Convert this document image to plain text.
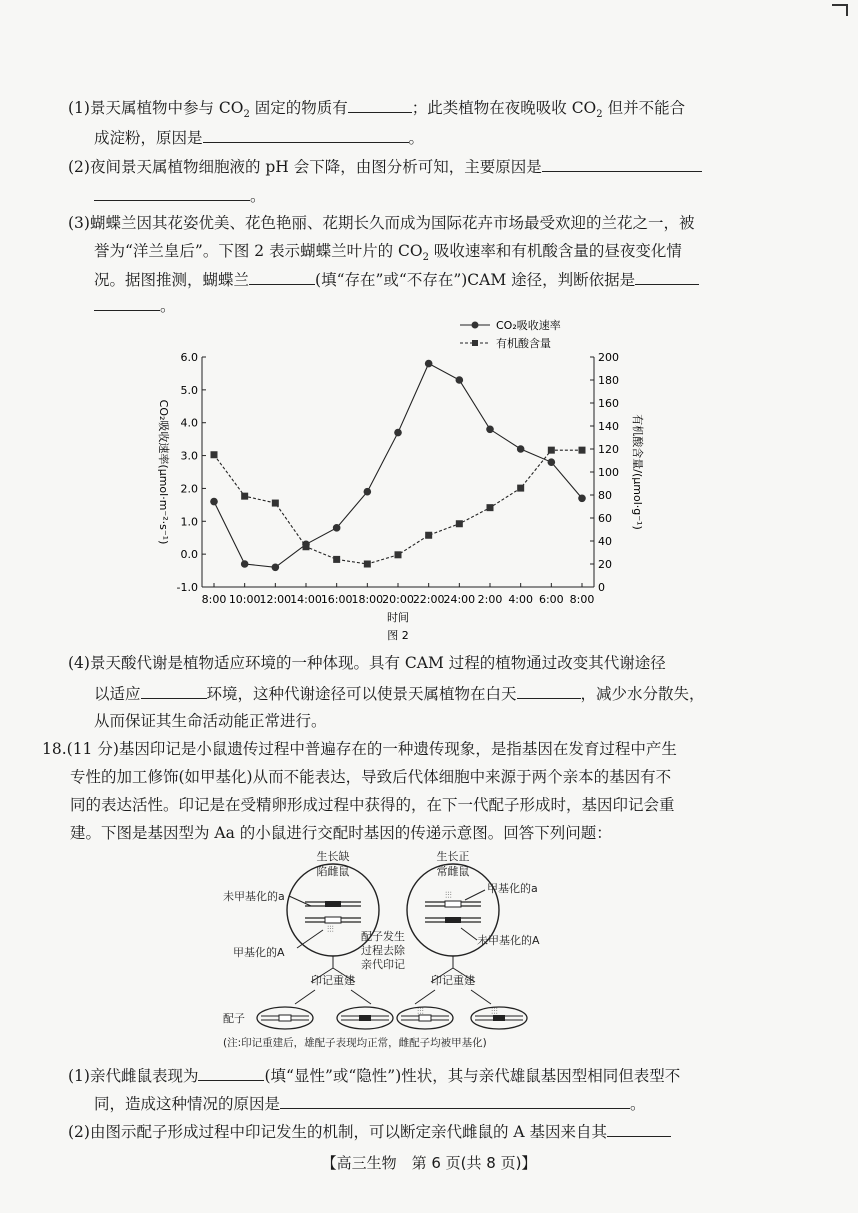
(1)景天属植物中参与 $CO_2$ 固定的物质有	；此类植物在夜晚吸收 $CO_2$ 但并不能合
成淀粉，原因是	。
(2)夜间景天属植物细胞液的 pH 会下降，由图分析可知，主要原因是
。
(3)蝴蝶兰因其花姿优美、花色艳丽、花期长久而成为国际花卉市场最受欢迎的兰花之一，被
誉为“洋兰皇后”。下图 2 表示蝴蝶兰叶片的 $CO_2$ 吸收速率和有机酸含量的昼夜变化情
况。据图推测，蝴蝶兰	(填“存在”或“不存在”)CAM 途径，判断依据是
。
-1.0
0.0
1.0
2.0
3.0
4.0
5.0
6.0
0
20
40
60
80
100
120
140
160
180
200
8:00 10:00
12:00
14:00
16:00
18:00
20:00
22:00
24:00 2:00 4:00 6:00 8:00
时间
图 2
CO₂吸收速率(μmol·m⁻²·s⁻¹)	有机酸含量/(μmol·g⁻¹)
CO₂吸收速率
有机酸含量
(4)景天酸代谢是植物适应环境的一种体现。具有 CAM 过程的植物通过改变其代谢途径
以适应	环境，这种代谢途径可以使景天属植物在白天	，减少水分散失，
从而保证其生命活动能正常进行。
18.(11 分)基因印记是小鼠遗传过程中普遍存在的一种遗传现象，是指基因在发育过程中产生
专性的加工修饰(如甲基化)从而不能表达，导致后代体细胞中来源于两个亲本的基因有不
同的表达活性。印记是在受精卵形成过程中获得的，在下一代配子形成时，基因印记会重
建。下图是基因型为 Aa 的小鼠进行交配时基因的传递示意图。回答下列问题：
生长缺
陷雌鼠
⫶⫶⫶
未甲基化的a
甲基化的A
配子发生
过程去除
亲代印记
生长正
常雌鼠
⫶⫶⫶
甲基化的a
未甲基化的A
印记重建	印记重建
配子	⫶⫶⫶	⫶⫶⫶
(注:印记重建后，雄配子表现均正常，雌配子均被甲基化)
(1)亲代雌鼠表现为	(填“显性”或“隐性”)性状，其与亲代雄鼠基因型相同但表型不
同，造成这种情况的原因是	。
(2)由图示配子形成过程中印记发生的机制，可以断定亲代雌鼠的 A 基因来自其
【高三生物　第 6 页(共 8 页)】
